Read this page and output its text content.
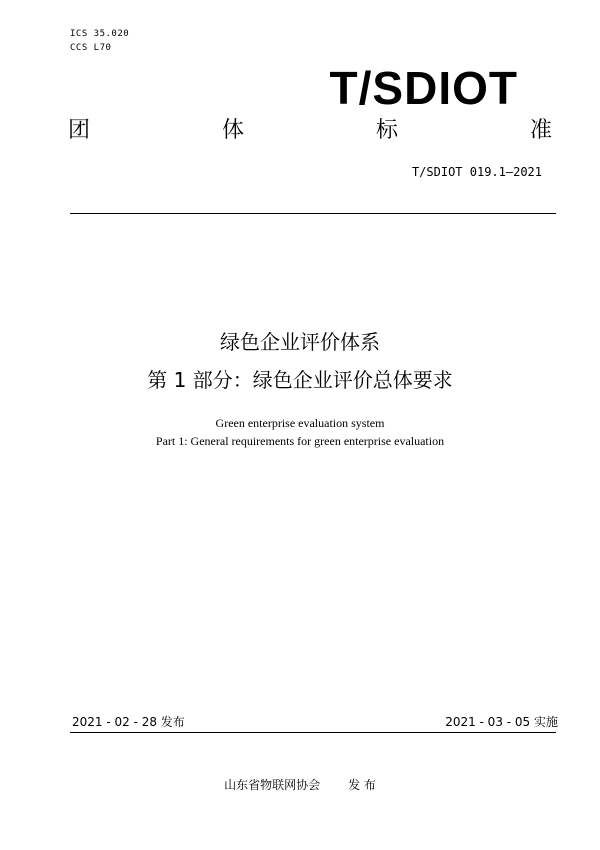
ICS 35.020
CCS L70
T/SDIOT
团	体	标	准
T/SDIOT 019.1—2021
绿色企业评价体系
第 1 部分：绿色企业评价总体要求
Green enterprise evaluation system
Part 1: General requirements for green enterprise evaluation
2021 - 02 - 28 发布	2021 - 03 - 05 实施
山东省物联网协会 发 布
